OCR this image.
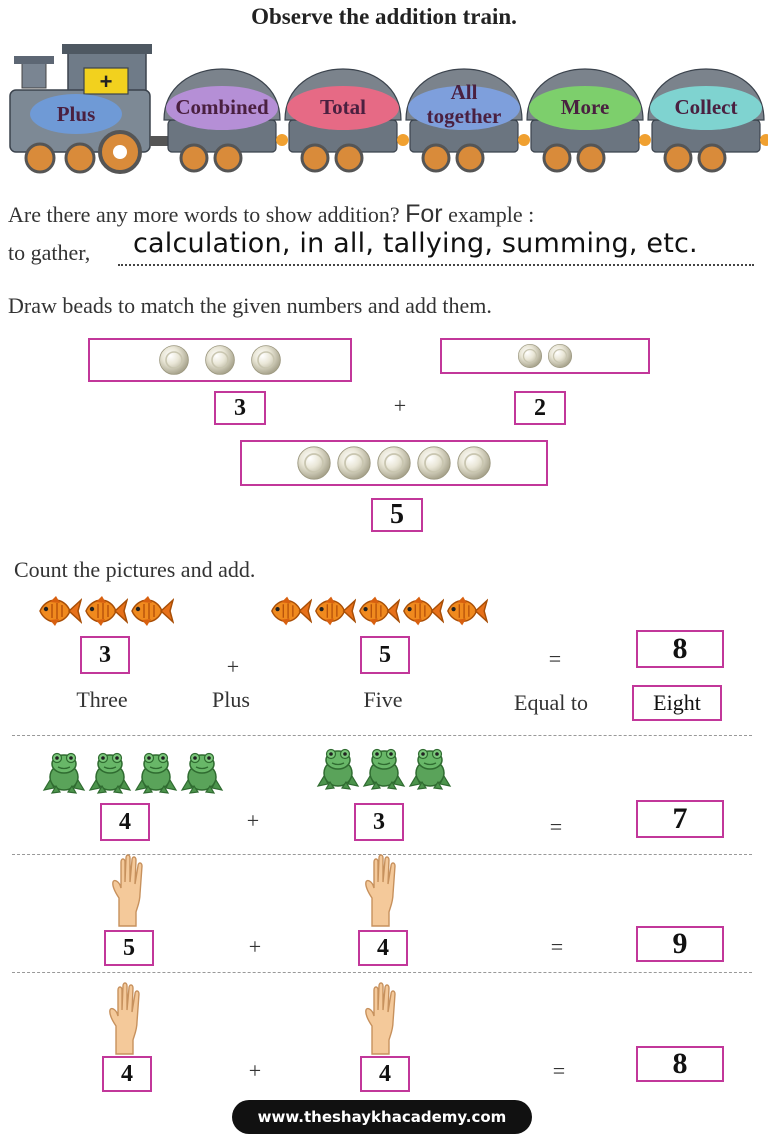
Observe the addition train.
+
Plus	Combined Total
All together	More	Collect
Are there any more words to show addition? For example :
to gather, calculation, in all, tallying, summing, etc.
Draw beads to match the given numbers and add them.
3	+	2
5
Count the pictures and add.
3	+	5	=	8
Three	Plus	Five	Equal to	Eight
4	+	3	=	7
5	+	4	=	9
4	+	4	=	8
www.theshaykhacademy.com
